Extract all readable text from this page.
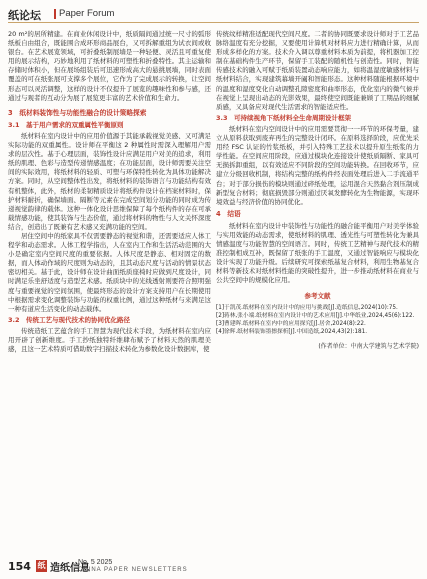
纸论坛 Paper Forum

20 m²的居所精建。在商业休闲设计中，纸质隔间通过统一尺寸的弧形纸板自由组合，既能围合成环形商品展台，又可拆解重组为试衣间或收银台。在艺术展览领域，可折叠纸制展墙是一种轻便、灵活且可重复使用的展示结构，巧妙地利用了纸材料的可塑性和折叠特性。其主运输和存储时体积小，但在展场组装后可迅速形成高大的悬挑展墙，同时表面覆盖的可在纸张展可支撑多个展位，它作为了完成展示的转换，让空间形态可以灵活调整，这样的设计不仅提升了展览的趣味性和参与感，还通过与观者的互动分为展了展览更丰富的艺术价值和生命力。

3　纸材料装饰性与功能性融合的设计策略探索
3.1　基于用户需求的双重属性平衡原则

纸材料在室内设计中的应用价值源于其能承载视觉美感、又可满足实际功能的双重属性。设计师在平衡这 2 种属性时需深入理解用户需求的层次性。基于心理层面，装饰性设计应满足用户对美的追求，利用纸的肌理、色彩与造型传递情感温度；在功能层面，设计师需要关注空间的实际效用，将纸材料的轻质、可塑与环保特性转化为具体功能解决方案。同时，从空间整体性出发，将纸材料的装饰语言与功能结构有效有机整体，此外，纸材的柔韧精质设计将纸构件设计在档案材料时，保护材料耐折，确保墙面、隔断等元素在完成空间划分功能的同时成为传递视觉韵律的载体。这种一体化设计思维保障了每个纸构件的存在可承载情感功能，使其装饰与生态价值，通过将材料的物性与人文关怀深度结合，创造出了既兼有艺术感又充满功能的空间。

居住空间中的纸家具不仅需要静态的视觉和谐，还需要适应人体工程学和动态需求。人体工程学指出，人在室内工作和生活活动范围的大小是确定室内空间尺度的重要依据。人体尺度是静态、相对固定的数据，而人体动作域的尺度则为动态的，且其动态尺度与活动的情景状态密切相关。基于此，设计师在设计曲面纸质座椅时应做到尺度设计，同时满足乐坐舒适度与造型艺术感。纸质块中的光线透射则要符合照明强度与重要视觉的空间氛围，使最终形态的设计方案支持用户在长期使用中根据需求变化调整装饰与功能的权重比例，通过这种纸材与来满足这一种有道应生活变化的动态载体。

3.2　传统工艺与现代技术的协同优化路径

传统造纸工艺蕴含的手工智慧为现代技术手段，为纸材料在室内应用开辟了创新维度。手工抄纸独特纤维肆布赋予了材料天然的肌理美感，且这一艺术特质可借助数字扫描技术转化为参数化设计数据库，使

传统纹样精准适配现代空间尺度。二者的协同既要求设计师对于工艺品脉络温度有充分挖掘，又要使用计算机对材料应力进行精确计算，从而形成多样化的方案。技术介入调以尊重材料本质为前提，将机器加工控制在基础构件生产环节，保留手工装配的随机性与创造性。同时，智能传感技术的融入可赋于纸质装置动态响应能力，如将温湿度敏感材料与纸材料结合，实现建筑幕墙开阖和智能形态。这种材料随能根据环境中的温度和湿度变化自动调整孔隙密度和曲率形态，优化室内的微气候并在视觉上呈现出动态的光影效果，最终使空间既能兼顾了工期品的细腻质感，又具备应对现代生活需求的智能适应性。

3.3　可持续视角下纸材料全生命周期设计框架

纸材料在室内空间设计中的应用需要贯彻一一环节的环保考量，建立从原料获取到废弃再生的完整设计闭环。在原料选择阶段，应优先采用经 FSC 认证的竹浆纸板，并引入特殊工艺技术以提升原生纸浆的力学性能。在空间应用阶段，应通过模块化连接设计使纸质隔断、家具可无损拆卸重组，以有效适应不同阶段的空间功能转换。在回收环节，应建立分级回收机制，将结构完整的纸构件经表面处理后进入二手流通平台；对于部分损伤的模块则通过碎纸处理，运用混合天然黏合剂压制成新型复合材料；彻底损毁部分则通过厌氧发酵转化为生物能源，实现环境效益与经济价值的协同优化。

4　结语

纸材料在室内设计中装饰性与功能性的融合能平衡用户对美学体验与实用效能的动态需求，使纸材料的肌理、透光性与可塑性转化为兼具情感温度与功能智慧的空间语言。同时，传统工艺精神与现代技术的精准控制相成互补，既保留了纸张的手工温度，又通过智能响应与模块化设计实现了功能升级。后续研究可探索纸基复合材料，利用生物基复合材料等新技术对纸材料性能的突破性提升，进一步推动纸材料在商业与公共空间中的规模化应用。

参考文献

[1]于凯茂.纸材料在室内设计中的应用与挑战[J].造纸信息,2024(10):75.

[2]蒋林,张小端.纸材料在室内设计中的艺术应用[J].中华纸业,2024,45(6):122.

[3]曹建晖.纸材料在室内中的应用探究[J].居舍,2024(8):22.

[4]徐辉.纸材料装饰墨擦探析[J].中国造纸,2024,43(2):181.

(作者单位：中南大学建筑与艺术学院)

154 纸 造纸信息
No. 5 2025
CHINA PAPER NEWSLETTERS
